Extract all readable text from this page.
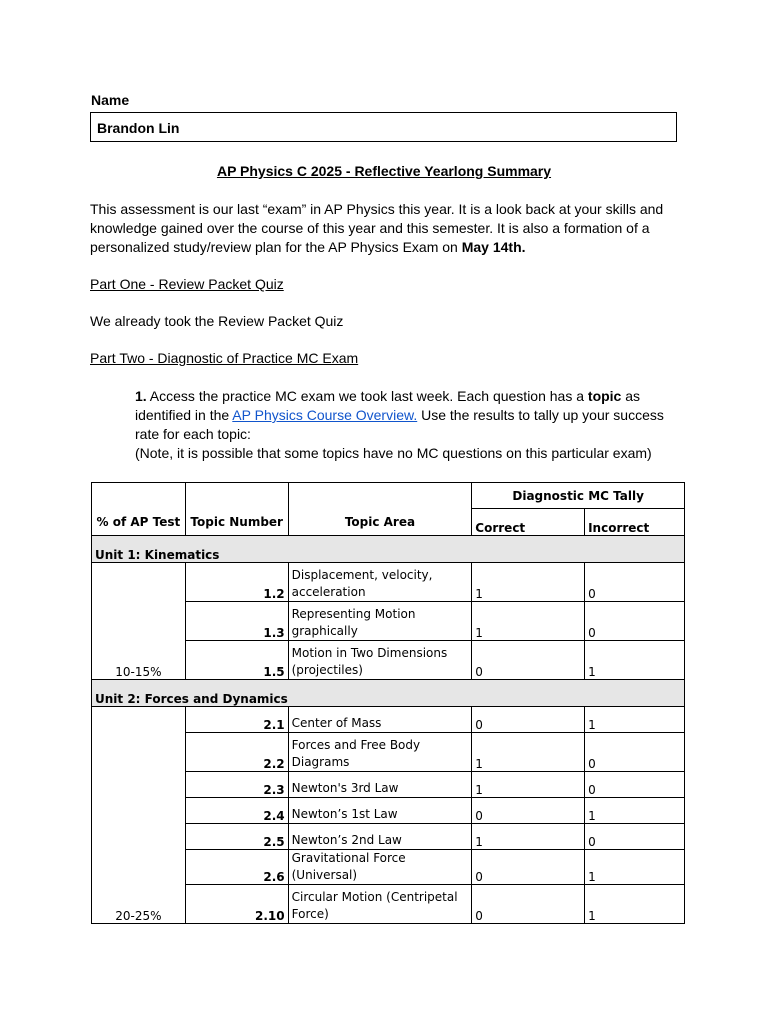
Name
Brandon Lin
AP Physics C 2025 - Reflective Yearlong Summary
This assessment is our last “exam” in AP Physics this year. It is a look back at your skills and knowledge gained over the course of this year and this semester. It is also a formation of a personalized study/review plan for the AP Physics Exam on May 14th.
Part One - Review Packet Quiz
We already took the Review Packet Quiz
Part Two - Diagnostic of Practice MC Exam
1. Access the practice MC exam we took last week. Each question has a topic as identified in the AP Physics Course Overview. Use the results to tally up your success rate for each topic:
(Note, it is possible that some topics have no MC questions on this particular exam)
% of AP Test	Topic Number	Topic Area	Diagnostic MC Tally	
			Correct	Incorrect
Unit 1: Kinematics				
10-15%	1.2	Displacement, velocity, acceleration	1	0
	1.3	Representing Motion graphically	1	0
	1.5	Motion in Two Dimensions (projectiles)	0	1
Unit 2: Forces and Dynamics				
20-25%	2.1	Center of Mass	0	1
	2.2	Forces and Free Body Diagrams	1	0
	2.3	Newton's 3rd Law	1	0
	2.4	Newton’s 1st Law	0	1
	2.5	Newton’s 2nd Law	1	0
	2.6	Gravitational Force (Universal)	0	1
	2.10	Circular Motion (Centripetal Force)	0	1
